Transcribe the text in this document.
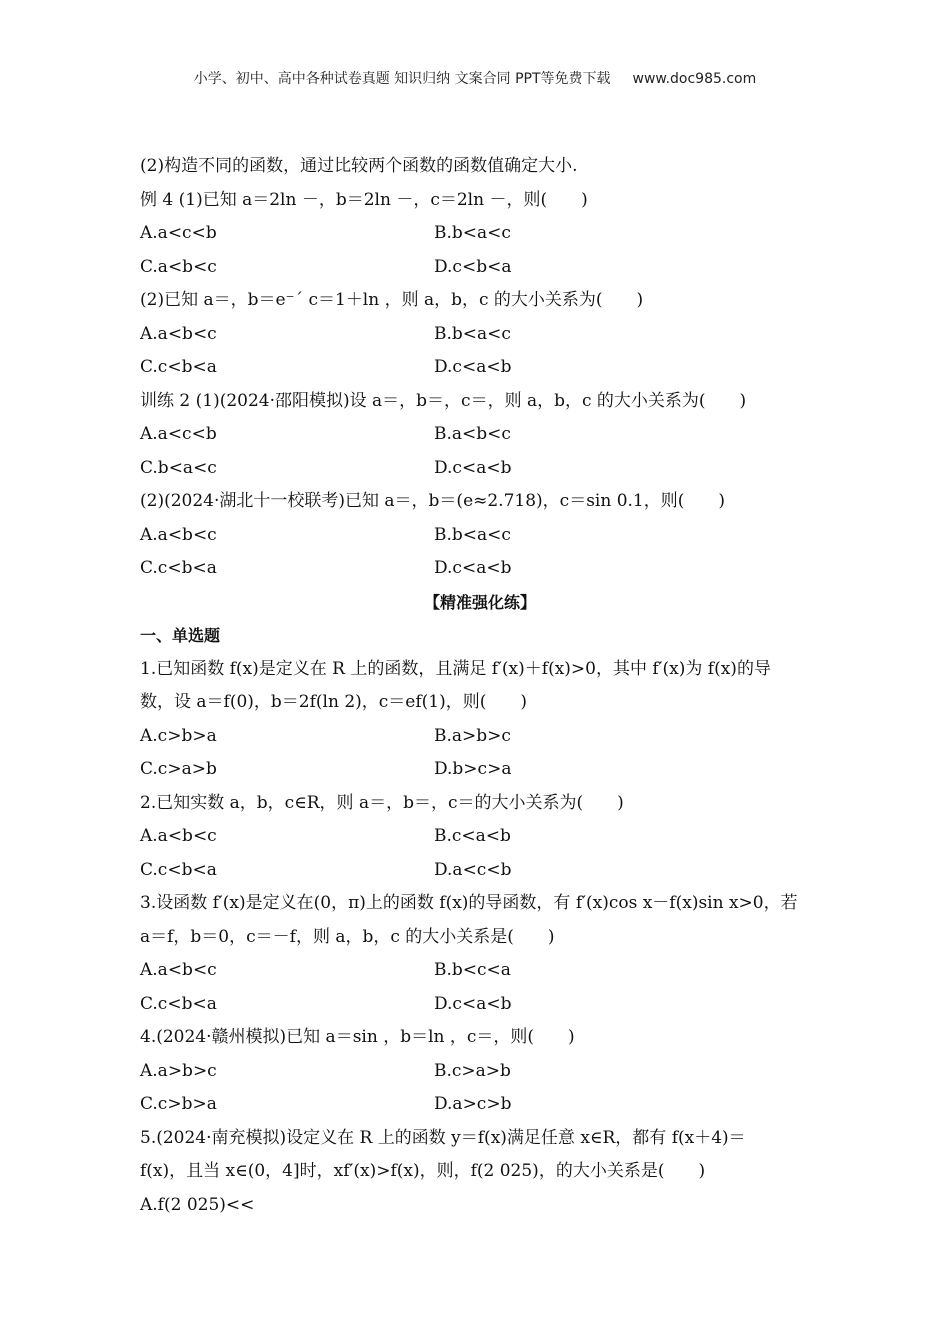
小学、初中、高中各种试卷真题 知识归纳 文案合同 PPT等免费下载 www.doc985.com
(2)构造不同的函数，通过比较两个函数的函数值确定大小.
例 4 (1)已知 a＝2ln －，b＝2ln －，c＝2ln －，则(　　)
A.a<c<b	B.b<a<c
C.a<b<c	D.c<b<a
(2)已知 a＝，b＝e⁻ˊ c＝1＋ln ，则 a，b，c 的大小关系为(　　)
A.a<b<c	B.b<a<c
C.c<b<a	D.c<a<b
训练 2 (1)(2024·邵阳模拟)设 a＝，b＝，c＝，则 a，b，c 的大小关系为(　　)
A.a<c<b	B.a<b<c
C.b<a<c	D.c<a<b
(2)(2024·湖北十一校联考)已知 a＝，b＝(e≈2.718)，c＝sin 0.1，则(　　)
A.a<b<c	B.b<a<c
C.c<b<a	D.c<a<b
【精准强化练】
一、单选题
1.已知函数 f(x)是定义在 R 上的函数，且满足 f′(x)＋f(x)>0，其中 f′(x)为 f(x)的导
数，设 a＝f(0)，b＝2f(ln 2)，c＝ef(1)，则(　　)
A.c>b>a	B.a>b>c
C.c>a>b	D.b>c>a
2.已知实数 a，b，c∈R，则 a＝，b＝，c＝的大小关系为(　　)
A.a<b<c	B.c<a<b
C.c<b<a	D.a<c<b
3.设函数 f′(x)是定义在(0，π)上的函数 f(x)的导函数，有 f′(x)cos x－f(x)sin x>0，若
a＝f，b＝0，c＝－f，则 a，b，c 的大小关系是(　　)
A.a<b<c	B.b<c<a
C.c<b<a	D.c<a<b
4.(2024·赣州模拟)已知 a＝sin ，b＝ln ，c＝，则(　　)
A.a>b>c	B.c>a>b
C.c>b>a	D.a>c>b
5.(2024·南充模拟)设定义在 R 上的函数 y＝f(x)满足任意 x∈R，都有 f(x＋4)＝
f(x)，且当 x∈(0，4]时，xf′(x)>f(x)，则，f(2 025)，的大小关系是(　　)
A.f(2 025)<<
